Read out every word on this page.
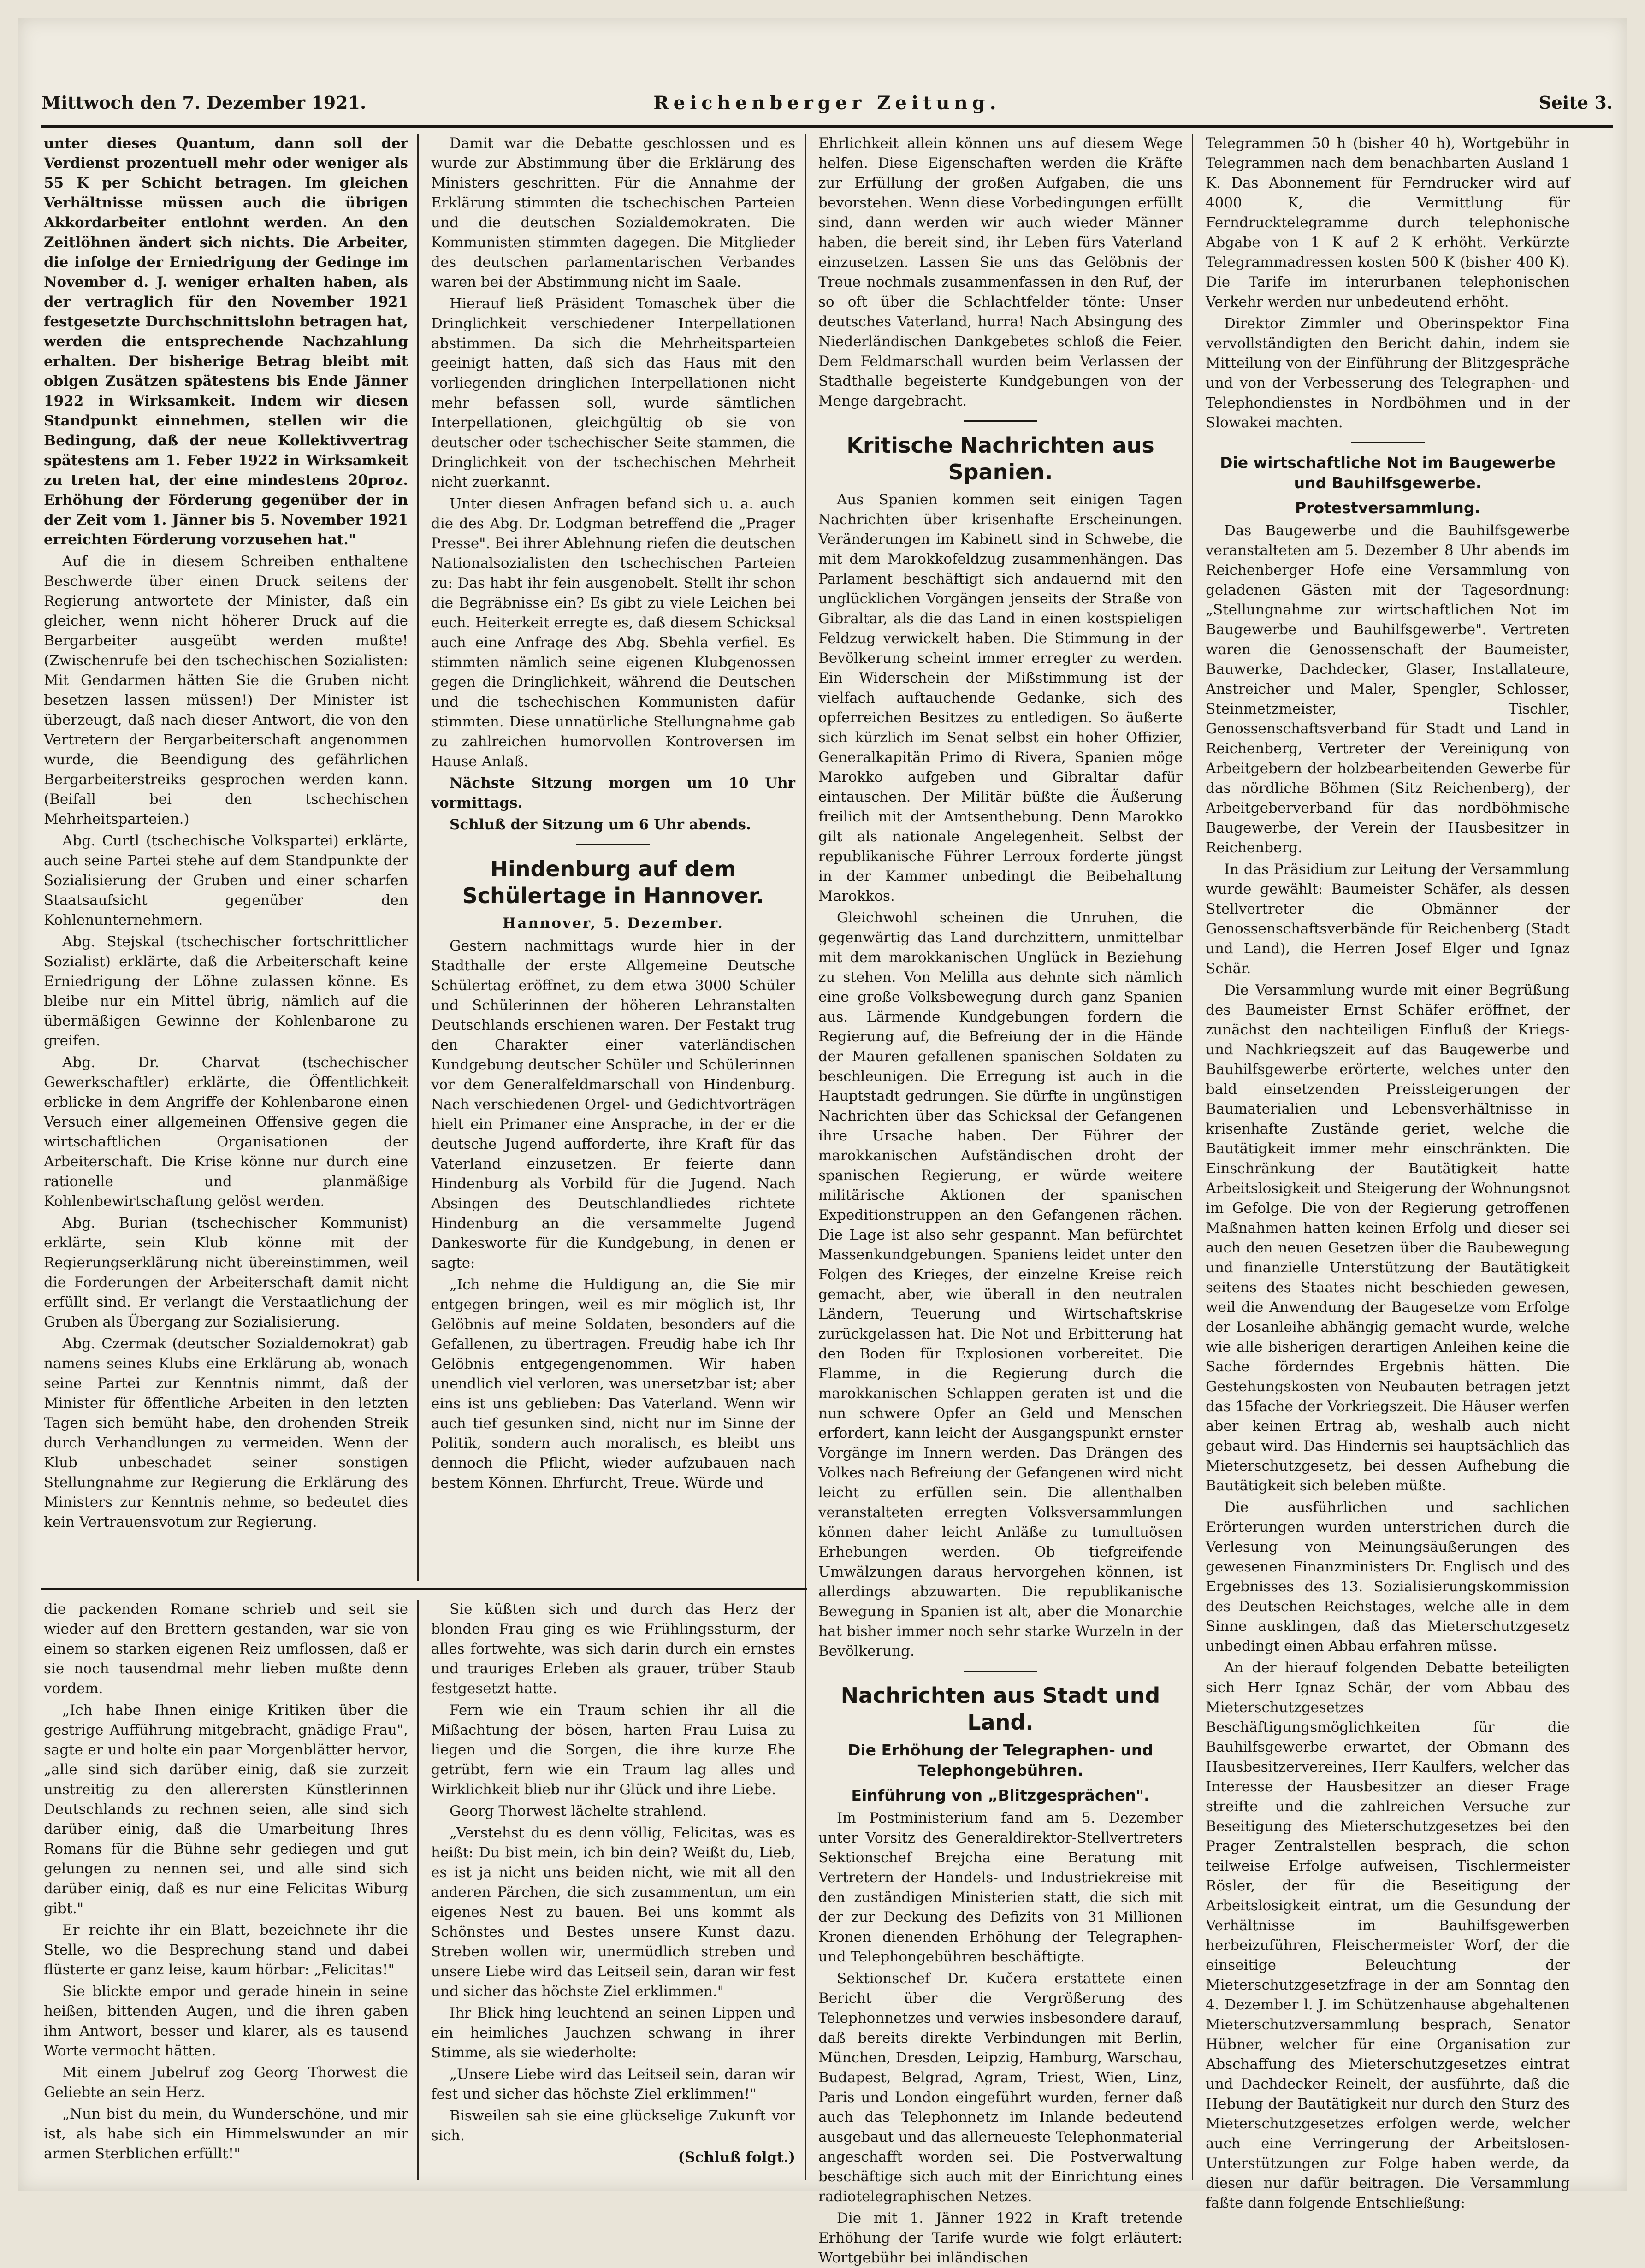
Mittwoch den 7. Dezember 1921.	Reichenberger Zeitung.	Seite 3.

unter dieses Quantum, dann soll der Verdienst prozentuell mehr oder weniger als 55 K per Schicht betragen. Im gleichen Verhältnisse müssen auch die übrigen Akkordarbeiter entlohnt werden. An den Zeitlöhnen ändert sich nichts. Die Arbeiter, die infolge der Erniedrigung der Gedinge im November d. J. weniger erhalten haben, als der vertraglich für den November 1921 festgesetzte Durchschnittslohn betragen hat, werden die entsprechende Nachzahlung erhalten. Der bisherige Betrag bleibt mit obigen Zusätzen spätestens bis Ende Jänner 1922 in Wirksamkeit. Indem wir diesen Standpunkt einnehmen, stellen wir die Bedingung, daß der neue Kollektivvertrag spätestens am 1. Feber 1922 in Wirksamkeit zu treten hat, der eine mindestens 20proz. Erhöhung der Förderung gegenüber der in der Zeit vom 1. Jänner bis 5. November 1921 erreichten Förderung vorzusehen hat."

Auf die in diesem Schreiben enthaltene Beschwerde über einen Druck seitens der Regierung antwortete der Minister, daß ein gleicher, wenn nicht höherer Druck auf die Bergarbeiter ausgeübt werden mußte! (Zwischenrufe bei den tschechischen Sozialisten: Mit Gendarmen hätten Sie die Gruben nicht besetzen lassen müssen!) Der Minister ist überzeugt, daß nach dieser Antwort, die von den Vertretern der Bergarbeiterschaft angenommen wurde, die Beendigung des gefährlichen Bergarbeiterstreiks gesprochen werden kann. (Beifall bei den tschechischen Mehrheitsparteien.)

Abg. Curtl (tschechische Volkspartei) erklärte, auch seine Partei stehe auf dem Standpunkte der Sozialisierung der Gruben und einer scharfen Staatsaufsicht gegenüber den Kohlenunternehmern.

Abg. Stejskal (tschechischer fortschrittlicher Sozialist) erklärte, daß die Arbeiterschaft keine Erniedrigung der Löhne zulassen könne. Es bleibe nur ein Mittel übrig, nämlich auf die übermäßigen Gewinne der Kohlenbarone zu greifen.

Abg. Dr. Charvat (tschechischer Gewerkschaftler) erklärte, die Öffentlichkeit erblicke in dem Angriffe der Kohlenbarone einen Versuch einer allgemeinen Offensive gegen die wirtschaftlichen Organisationen der Arbeiterschaft. Die Krise könne nur durch eine rationelle und planmäßige Kohlenbewirtschaftung gelöst werden.

Abg. Burian (tschechischer Kommunist) erklärte, sein Klub könne mit der Regierungserklärung nicht übereinstimmen, weil die Forderungen der Arbeiterschaft damit nicht erfüllt sind. Er verlangt die Verstaatlichung der Gruben als Übergang zur Sozialisierung.

Abg. Czermak (deutscher Sozialdemokrat) gab namens seines Klubs eine Erklärung ab, wonach seine Partei zur Kenntnis nimmt, daß der Minister für öffentliche Arbeiten in den letzten Tagen sich bemüht habe, den drohenden Streik durch Verhandlungen zu vermeiden. Wenn der Klub unbeschadet seiner sonstigen Stellungnahme zur Regierung die Erklärung des Ministers zur Kenntnis nehme, so bedeutet dies kein Vertrauensvotum zur Regierung.

Damit war die Debatte geschlossen und es wurde zur Abstimmung über die Erklärung des Ministers geschritten. Für die Annahme der Erklärung stimmten die tschechischen Parteien und die deutschen Sozialdemokraten. Die Kommunisten stimmten dagegen. Die Mitglieder des deutschen parlamentarischen Verbandes waren bei der Abstimmung nicht im Saale.

Hierauf ließ Präsident Tomaschek über die Dringlichkeit verschiedener Interpellationen abstimmen. Da sich die Mehrheitsparteien geeinigt hatten, daß sich das Haus mit den vorliegenden dringlichen Interpellationen nicht mehr befassen soll, wurde sämtlichen Interpellationen, gleichgültig ob sie von deutscher oder tschechischer Seite stammen, die Dringlichkeit von der tschechischen Mehrheit nicht zuerkannt.

Unter diesen Anfragen befand sich u. a. auch die des Abg. Dr. Lodgman betreffend die „Prager Presse". Bei ihrer Ablehnung riefen die deutschen Nationalsozialisten den tschechischen Parteien zu: Das habt ihr fein ausgenobelt. Stellt ihr schon die Begräbnisse ein? Es gibt zu viele Leichen bei euch. Heiterkeit erregte es, daß diesem Schicksal auch eine Anfrage des Abg. Sbehla verfiel. Es stimmten nämlich seine eigenen Klubgenossen gegen die Dringlichkeit, während die Deutschen und die tschechischen Kommunisten dafür stimmten. Diese unnatürliche Stellungnahme gab zu zahlreichen humorvollen Kontroversen im Hause Anlaß.

Nächste Sitzung morgen um 10 Uhr vormittags.

Schluß der Sitzung um 6 Uhr abends.

Hindenburg auf dem Schülertage in Hannover.
Hannover, 5. Dezember.

Gestern nachmittags wurde hier in der Stadthalle der erste Allgemeine Deutsche Schülertag eröffnet, zu dem etwa 3000 Schüler und Schülerinnen der höheren Lehranstalten Deutschlands erschienen waren. Der Festakt trug den Charakter einer vaterländischen Kundgebung deutscher Schüler und Schülerinnen vor dem Generalfeldmarschall von Hindenburg. Nach verschiedenen Orgel- und Gedichtvorträgen hielt ein Primaner eine Ansprache, in der er die deutsche Jugend aufforderte, ihre Kraft für das Vaterland einzusetzen. Er feierte dann Hindenburg als Vorbild für die Jugend. Nach Absingen des Deutschlandliedes richtete Hindenburg an die versammelte Jugend Dankesworte für die Kundgebung, in denen er sagte:

„Ich nehme die Huldigung an, die Sie mir entgegen bringen, weil es mir möglich ist, Ihr Gelöbnis auf meine Soldaten, besonders auf die Gefallenen, zu übertragen. Freudig habe ich Ihr Gelöbnis entgegengenommen. Wir haben unendlich viel verloren, was unersetzbar ist; aber eins ist uns geblieben: Das Vaterland. Wenn wir auch tief gesunken sind, nicht nur im Sinne der Politik, sondern auch moralisch, es bleibt uns dennoch die Pflicht, wieder aufzubauen nach bestem Können. Ehrfurcht, Treue. Würde und

Ehrlichkeit allein können uns auf diesem Wege helfen. Diese Eigenschaften werden die Kräfte zur Erfüllung der großen Aufgaben, die uns bevorstehen. Wenn diese Vorbedingungen erfüllt sind, dann werden wir auch wieder Männer haben, die bereit sind, ihr Leben fürs Vaterland einzusetzen. Lassen Sie uns das Gelöbnis der Treue nochmals zusammenfassen in den Ruf, der so oft über die Schlachtfelder tönte: Unser deutsches Vaterland, hurra! Nach Absingung des Niederländischen Dankgebetes schloß die Feier. Dem Feldmarschall wurden beim Verlassen der Stadthalle begeisterte Kundgebungen von der Menge dargebracht.

Kritische Nachrichten aus Spanien.

Aus Spanien kommen seit einigen Tagen Nachrichten über krisenhafte Erscheinungen. Veränderungen im Kabinett sind in Schwebe, die mit dem Marokkofeldzug zusammenhängen. Das Parlament beschäftigt sich andauernd mit den unglücklichen Vorgängen jenseits der Straße von Gibraltar, als die das Land in einen kostspieligen Feldzug verwickelt haben. Die Stimmung in der Bevölkerung scheint immer erregter zu werden. Ein Widerschein der Mißstimmung ist der vielfach auftauchende Gedanke, sich des opferreichen Besitzes zu entledigen. So äußerte sich kürzlich im Senat selbst ein hoher Offizier, Generalkapitän Primo di Rivera, Spanien möge Marokko aufgeben und Gibraltar dafür eintauschen. Der Militär büßte die Äußerung freilich mit der Amtsenthebung. Denn Marokko gilt als nationale Angelegenheit. Selbst der republikanische Führer Lerroux forderte jüngst in der Kammer unbedingt die Beibehaltung Marokkos.

Gleichwohl scheinen die Unruhen, die gegenwärtig das Land durchzittern, unmittelbar mit dem marokkanischen Unglück in Beziehung zu stehen. Von Melilla aus dehnte sich nämlich eine große Volksbewegung durch ganz Spanien aus. Lärmende Kundgebungen fordern die Regierung auf, die Befreiung der in die Hände der Mauren gefallenen spanischen Soldaten zu beschleunigen. Die Erregung ist auch in die Hauptstadt gedrungen. Sie dürfte in ungünstigen Nachrichten über das Schicksal der Gefangenen ihre Ursache haben. Der Führer der marokkanischen Aufständischen droht der spanischen Regierung, er würde weitere militärische Aktionen der spanischen Expeditionstruppen an den Gefangenen rächen. Die Lage ist also sehr gespannt. Man befürchtet Massenkundgebungen. Spaniens leidet unter den Folgen des Krieges, der einzelne Kreise reich gemacht, aber, wie überall in den neutralen Ländern, Teuerung und Wirtschaftskrise zurückgelassen hat. Die Not und Erbitterung hat den Boden für Explosionen vorbereitet. Die Flamme, in die Regierung durch die marokkanischen Schlappen geraten ist und die nun schwere Opfer an Geld und Menschen erfordert, kann leicht der Ausgangspunkt ernster Vorgänge im Innern werden. Das Drängen des Volkes nach Befreiung der Gefangenen wird nicht leicht zu erfüllen sein. Die allenthalben veranstalteten erregten Volksversammlungen können daher leicht Anläße zu tumultuösen Erhebungen werden. Ob tiefgreifende Umwälzungen daraus hervorgehen können, ist allerdings abzuwarten. Die republikanische Bewegung in Spanien ist alt, aber die Monarchie hat bisher immer noch sehr starke Wurzeln in der Bevölkerung.

Nachrichten aus Stadt und Land.
Die Erhöhung der Telegraphen- und Telephongebühren.
Einführung von „Blitzgesprächen".

Im Postministerium fand am 5. Dezember unter Vorsitz des Generaldirektor-Stellvertreters Sektionschef Brejcha eine Beratung mit Vertretern der Handels- und Industriekreise mit den zuständigen Ministerien statt, die sich mit der zur Deckung des Defizits von 31 Millionen Kronen dienenden Erhöhung der Telegraphen- und Telephongebühren beschäftigte.

Sektionschef Dr. Kučera erstattete einen Bericht über die Vergrößerung des Telephonnetzes und verwies insbesondere darauf, daß bereits direkte Verbindungen mit Berlin, München, Dresden, Leipzig, Hamburg, Warschau, Budapest, Belgrad, Agram, Triest, Wien, Linz, Paris und London eingeführt wurden, ferner daß auch das Telephonnetz im Inlande bedeutend ausgebaut und das allerneueste Telephonmaterial angeschafft worden sei. Die Postverwaltung beschäftige sich auch mit der Einrichtung eines radiotelegraphischen Netzes.

Die mit 1. Jänner 1922 in Kraft tretende Erhöhung der Tarife wurde wie folgt erläutert: Wortgebühr bei inländischen

Telegrammen 50 h (bisher 40 h), Wortgebühr in Telegrammen nach dem benachbarten Ausland 1 K. Das Abonnement für Ferndrucker wird auf 4000 K, die Vermittlung für Ferndrucktelegramme durch telephonische Abgabe von 1 K auf 2 K erhöht. Verkürzte Telegrammadressen kosten 500 K (bisher 400 K). Die Tarife im interurbanen telephonischen Verkehr werden nur unbedeutend erhöht.

Direktor Zimmler und Oberinspektor Fina vervollständigten den Bericht dahin, indem sie Mitteilung von der Einführung der Blitzgespräche und von der Verbesserung des Telegraphen- und Telephondienstes in Nordböhmen und in der Slowakei machten.

Die wirtschaftliche Not im Baugewerbe und Bauhilfsgewerbe.
Protestversammlung.

Das Baugewerbe und die Bauhilfsgewerbe veranstalteten am 5. Dezember 8 Uhr abends im Reichenberger Hofe eine Versammlung von geladenen Gästen mit der Tagesordnung: „Stellungnahme zur wirtschaftlichen Not im Baugewerbe und Bauhilfsgewerbe". Vertreten waren die Genossenschaft der Baumeister, Bauwerke, Dachdecker, Glaser, Installateure, Anstreicher und Maler, Spengler, Schlosser, Steinmetzmeister, Tischler, Genossenschaftsverband für Stadt und Land in Reichenberg, Vertreter der Vereinigung von Arbeitgebern der holzbearbeitenden Gewerbe für das nördliche Böhmen (Sitz Reichenberg), der Arbeitgeberverband für das nordböhmische Baugewerbe, der Verein der Hausbesitzer in Reichenberg.

In das Präsidium zur Leitung der Versammlung wurde gewählt: Baumeister Schäfer, als dessen Stellvertreter die Obmänner der Genossenschaftsverbände für Reichenberg (Stadt und Land), die Herren Josef Elger und Ignaz Schär.

Die Versammlung wurde mit einer Begrüßung des Baumeister Ernst Schäfer eröffnet, der zunächst den nachteiligen Einfluß der Kriegs- und Nachkriegszeit auf das Baugewerbe und Bauhilfsgewerbe erörterte, welches unter den bald einsetzenden Preissteigerungen der Baumaterialien und Lebensverhältnisse in krisenhafte Zustände geriet, welche die Bautätigkeit immer mehr einschränkten. Die Einschränkung der Bautätigkeit hatte Arbeitslosigkeit und Steigerung der Wohnungsnot im Gefolge. Die von der Regierung getroffenen Maßnahmen hatten keinen Erfolg und dieser sei auch den neuen Gesetzen über die Baubewegung und finanzielle Unterstützung der Bautätigkeit seitens des Staates nicht beschieden gewesen, weil die Anwendung der Baugesetze vom Erfolge der Losanleihe abhängig gemacht wurde, welche wie alle bisherigen derartigen Anleihen keine die Sache förderndes Ergebnis hätten. Die Gestehungskosten von Neubauten betragen jetzt das 15fache der Vorkriegszeit. Die Häuser werfen aber keinen Ertrag ab, weshalb auch nicht gebaut wird. Das Hindernis sei hauptsächlich das Mieterschutzgesetz, bei dessen Aufhebung die Bautätigkeit sich beleben müßte.

Die ausführlichen und sachlichen Erörterungen wurden unterstrichen durch die Verlesung von Meinungsäußerungen des gewesenen Finanzministers Dr. Englisch und des Ergebnisses des 13. Sozialisierungskommission des Deutschen Reichstages, welche alle in dem Sinne ausklingen, daß das Mieterschutzgesetz unbedingt einen Abbau erfahren müsse.

An der hierauf folgenden Debatte beteiligten sich Herr Ignaz Schär, der vom Abbau des Mieterschutzgesetzes Beschäftigungsmöglichkeiten für die Bauhilfsgewerbe erwartet, der Obmann des Hausbesitzervereines, Herr Kaulfers, welcher das Interesse der Hausbesitzer an dieser Frage streifte und die zahlreichen Versuche zur Beseitigung des Mieterschutzgesetzes bei den Prager Zentralstellen besprach, die schon teilweise Erfolge aufweisen, Tischlermeister Rösler, der für die Beseitigung der Arbeitslosigkeit eintrat, um die Gesundung der Verhältnisse im Bauhilfsgewerben herbeizuführen, Fleischermeister Worf, der die einseitige Beleuchtung der Mieterschutzgesetzfrage in der am Sonntag den 4. Dezember l. J. im Schützenhause abgehaltenen Mieterschutzversammlung besprach, Senator Hübner, welcher für eine Organisation zur Abschaffung des Mieterschutzgesetzes eintrat und Dachdecker Reinelt, der ausführte, daß die Hebung der Bautätigkeit nur durch den Sturz des Mieterschutzgesetzes erfolgen werde, welcher auch eine Verringerung der Arbeitslosen-Unterstützungen zur Folge haben werde, da diesen nur dafür beitragen. Die Versammlung faßte dann folgende Entschließung:

die packenden Romane schrieb und seit sie wieder auf den Brettern gestanden, war sie von einem so starken eigenen Reiz umflossen, daß er sie noch tausendmal mehr lieben mußte denn vordem.

„Ich habe Ihnen einige Kritiken über die gestrige Aufführung mitgebracht, gnädige Frau", sagte er und holte ein paar Morgenblätter hervor, „alle sind sich darüber einig, daß sie zurzeit unstreitig zu den allerersten Künstlerinnen Deutschlands zu rechnen seien, alle sind sich darüber einig, daß die Umarbeitung Ihres Romans für die Bühne sehr gediegen und gut gelungen zu nennen sei, und alle sind sich darüber einig, daß es nur eine Felicitas Wiburg gibt."

Er reichte ihr ein Blatt, bezeichnete ihr die Stelle, wo die Besprechung stand und dabei flüsterte er ganz leise, kaum hörbar: „Felicitas!"

Sie blickte empor und gerade hinein in seine heißen, bittenden Augen, und die ihren gaben ihm Antwort, besser und klarer, als es tausend Worte vermocht hätten.

Mit einem Jubelruf zog Georg Thorwest die Geliebte an sein Herz.

„Nun bist du mein, du Wunderschöne, und mir ist, als habe sich ein Himmelswunder an mir armen Sterblichen erfüllt!"

Sie küßten sich und durch das Herz der blonden Frau ging es wie Frühlingssturm, der alles fortwehte, was sich darin durch ein ernstes und trauriges Erleben als grauer, trüber Staub festgesetzt hatte.

Fern wie ein Traum schien ihr all die Mißachtung der bösen, harten Frau Luisa zu liegen und die Sorgen, die ihre kurze Ehe getrübt, fern wie ein Traum lag alles und Wirklichkeit blieb nur ihr Glück und ihre Liebe.

Georg Thorwest lächelte strahlend.

„Verstehst du es denn völlig, Felicitas, was es heißt: Du bist mein, ich bin dein? Weißt du, Lieb, es ist ja nicht uns beiden nicht, wie mit all den anderen Pärchen, die sich zusammentun, um ein eigenes Nest zu bauen. Bei uns kommt als Schönstes und Bestes unsere Kunst dazu. Streben wollen wir, unermüdlich streben und unsere Liebe wird das Leitseil sein, daran wir fest und sicher das höchste Ziel erklimmen."

Ihr Blick hing leuchtend an seinen Lippen und ein heimliches Jauchzen schwang in ihrer Stimme, als sie wiederholte:

„Unsere Liebe wird das Leitseil sein, daran wir fest und sicher das höchste Ziel erklimmen!"

Bisweilen sah sie eine glückselige Zukunft vor sich.

(Schluß folgt.)
